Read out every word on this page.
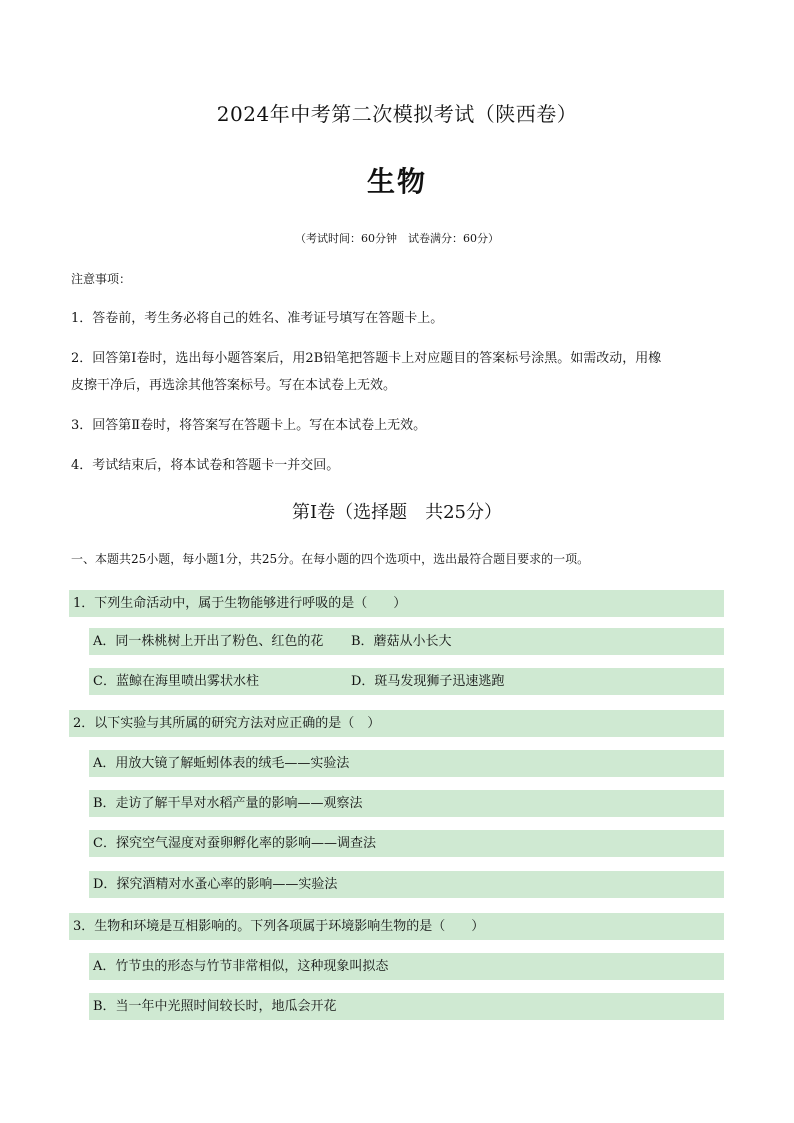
2024年中考第二次模拟考试（陕西卷）
生物
（考试时间：60分钟　试卷满分：60分）
注意事项：
1．答卷前，考生务必将自己的姓名、准考证号填写在答题卡上。
2．回答第Ⅰ卷时，选出每小题答案后，用2B铅笔把答题卡上对应题目的答案标号涂黑。如需改动，用橡
皮擦干净后，再选涂其他答案标号。写在本试卷上无效。
3．回答第Ⅱ卷时，将答案写在答题卡上。写在本试卷上无效。
4．考试结束后，将本试卷和答题卡一并交回。
第Ⅰ卷（选择题　共25分）
一、本题共25小题，每小题1分，共25分。在每小题的四个选项中，选出最符合题目要求的一项。
1．下列生命活动中，属于生物能够进行呼吸的是（　　）
A．同一株桃树上开出了粉色、红色的花 B．蘑菇从小长大
C．蓝鲸在海里喷出雾状水柱	D．斑马发现狮子迅速逃跑
2．以下实验与其所属的研究方法对应正确的是（　）
A．用放大镜了解蚯蚓体表的绒毛——实验法
B．走访了解干旱对水稻产量的影响——观察法
C．探究空气湿度对蚕卵孵化率的影响——调查法
D．探究酒精对水蚤心率的影响——实验法
3．生物和环境是互相影响的。下列各项属于环境影响生物的是（　　）
A．竹节虫的形态与竹节非常相似，这种现象叫拟态
B．当一年中光照时间较长时，地瓜会开花
